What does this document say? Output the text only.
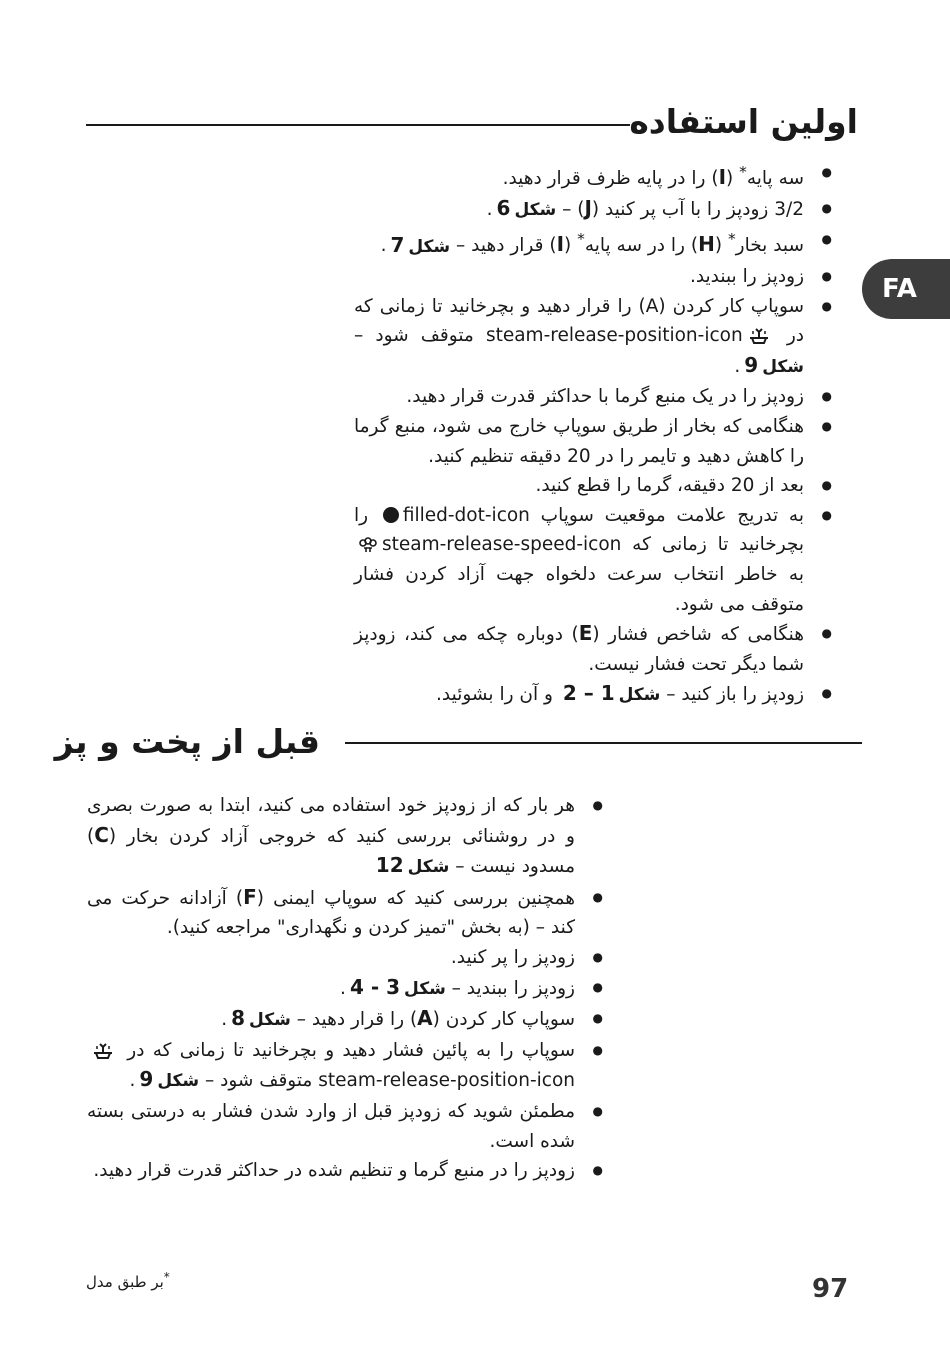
اولین استفاده
● سه پایه* (I) را در پایه ظرف قرار دهید.
● 3/2 زودپز را با آب پر کنید (J) – شکل6.
● سبد بخار* (H) را در سه پایه* (I) قرار دهید – شکل7.
● زودپز را ببندید.
● سوپاپ کار کردن (A) را قرار دهید و بچرخانید تا زمانی که در steam-release-position-icon متوقف شود – شکل9.
● زودپز را در یک منبع گرما با حداکثر قدرت قرار دهید.
● هنگامی که بخار از طریق سوپاپ خارج می شود، منبع گرما را کاهش دهید و تایمر را در 20 دقیقه تنظیم کنید.
● بعد از 20 دقیقه، گرما را قطع کنید.
● به تدریج علامت موقعیت سوپاپ filled-dot-icon را بچرخانید تا زمانی که steam-release-speed-icon به خاطر انتخاب سرعت دلخواه جهت آزاد کردن فشار متوقف می شود.
● هنگامی که شاخص فشار (E) دوباره چکه می کند، زودپز شما دیگر تحت فشار نیست.
● زودپز را باز کنید – شکل1 – 2 و آن را بشوئید.
FA
قبل از پخت و پز
● هر بار که از زودپز خود استفاده می کنید، ابتدا به صورت بصری و در روشنائی بررسی کنید که خروجی آزاد کردن بخار (C) مسدود نیست – شکل12
● همچنین بررسی کنید که سوپاپ ایمنی (F) آزادانه حرکت می کند – (به بخش "تمیز کردن و نگهداری" مراجعه کنید).
● زودپز را پر کنید.
● زودپز را ببندید – شکل3 - 4.
● سوپاپ کار کردن (A) را قرار دهید – شکل8.
● سوپاپ را به پائین فشار دهید و بچرخانید تا زمانی که در steam-release-position-icon متوقف شود – شکل9.
● مطمئن شوید که زودپز قبل از وارد شدن فشار به درستی بسته شده است.
● زودپز را در منبع گرما و تنظیم شده در حداکثر قدرت قرار دهید.
97
*بر طبق مدل
